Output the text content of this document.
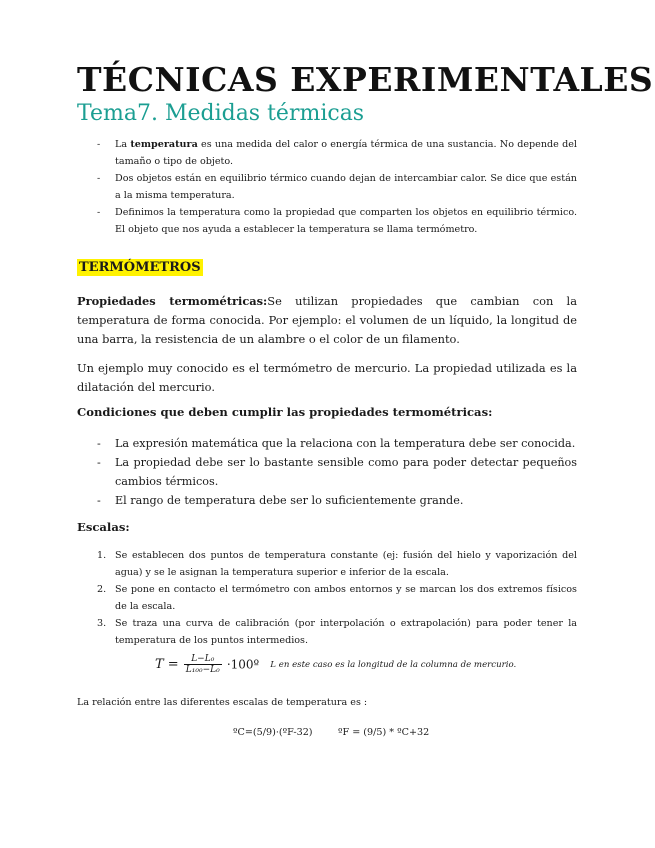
TÉCNICAS EXPERIMENTALES
Tema7. Medidas térmicas
- La temperatura es una medida del calor o energía térmica de una sustancia. No depende del tamaño o tipo de objeto.
- Dos objetos están en equilibrio térmico cuando dejan de intercambiar calor. Se dice que están a la misma temperatura.
- Definimos la temperatura como la propiedad que comparten los objetos en equilibrio térmico. El objeto que nos ayuda a establecer la temperatura se llama termómetro.
TERMÓMETROS

Propiedades termométricas:Se utilizan propiedades que cambian con la temperatura de forma conocida. Por ejemplo: el volumen de un líquido, la longitud de una barra, la resistencia de un alambre o el color de un filamento.

Un ejemplo muy conocido es el termómetro de mercurio. La propiedad utilizada es la dilatación del mercurio.

Condiciones que deben cumplir las propiedades termométricas:

- La expresión matemática que la relaciona con la temperatura debe ser conocida.
- La propiedad debe ser lo bastante sensible como para poder detectar pequeños cambios térmicos.
- El rango de temperatura debe ser lo suficientemente grande.

Escalas:

1. Se establecen dos puntos de temperatura constante (ej: fusión del hielo y vaporización del agua) y se le asignan la temperatura superior e inferior de la escala.
2. Se pone en contacto el termómetro con ambos entornos y se marcan los dos extremos físicos de la escala.
3. Se traza una curva de calibración (por interpolación o extrapolación) para poder tener la temperatura de los puntos intermedios.
$T = \frac{\text{L−L₀}}{\text{L₁₀₀−L₀}}$ ·100º L en este caso es la longitud de la columna de mercurio.
La relación entre las diferentes escalas de temperatura es :
ºC=(5/9)·(ºF-32)	ºF = (9/5) * ºC+32
